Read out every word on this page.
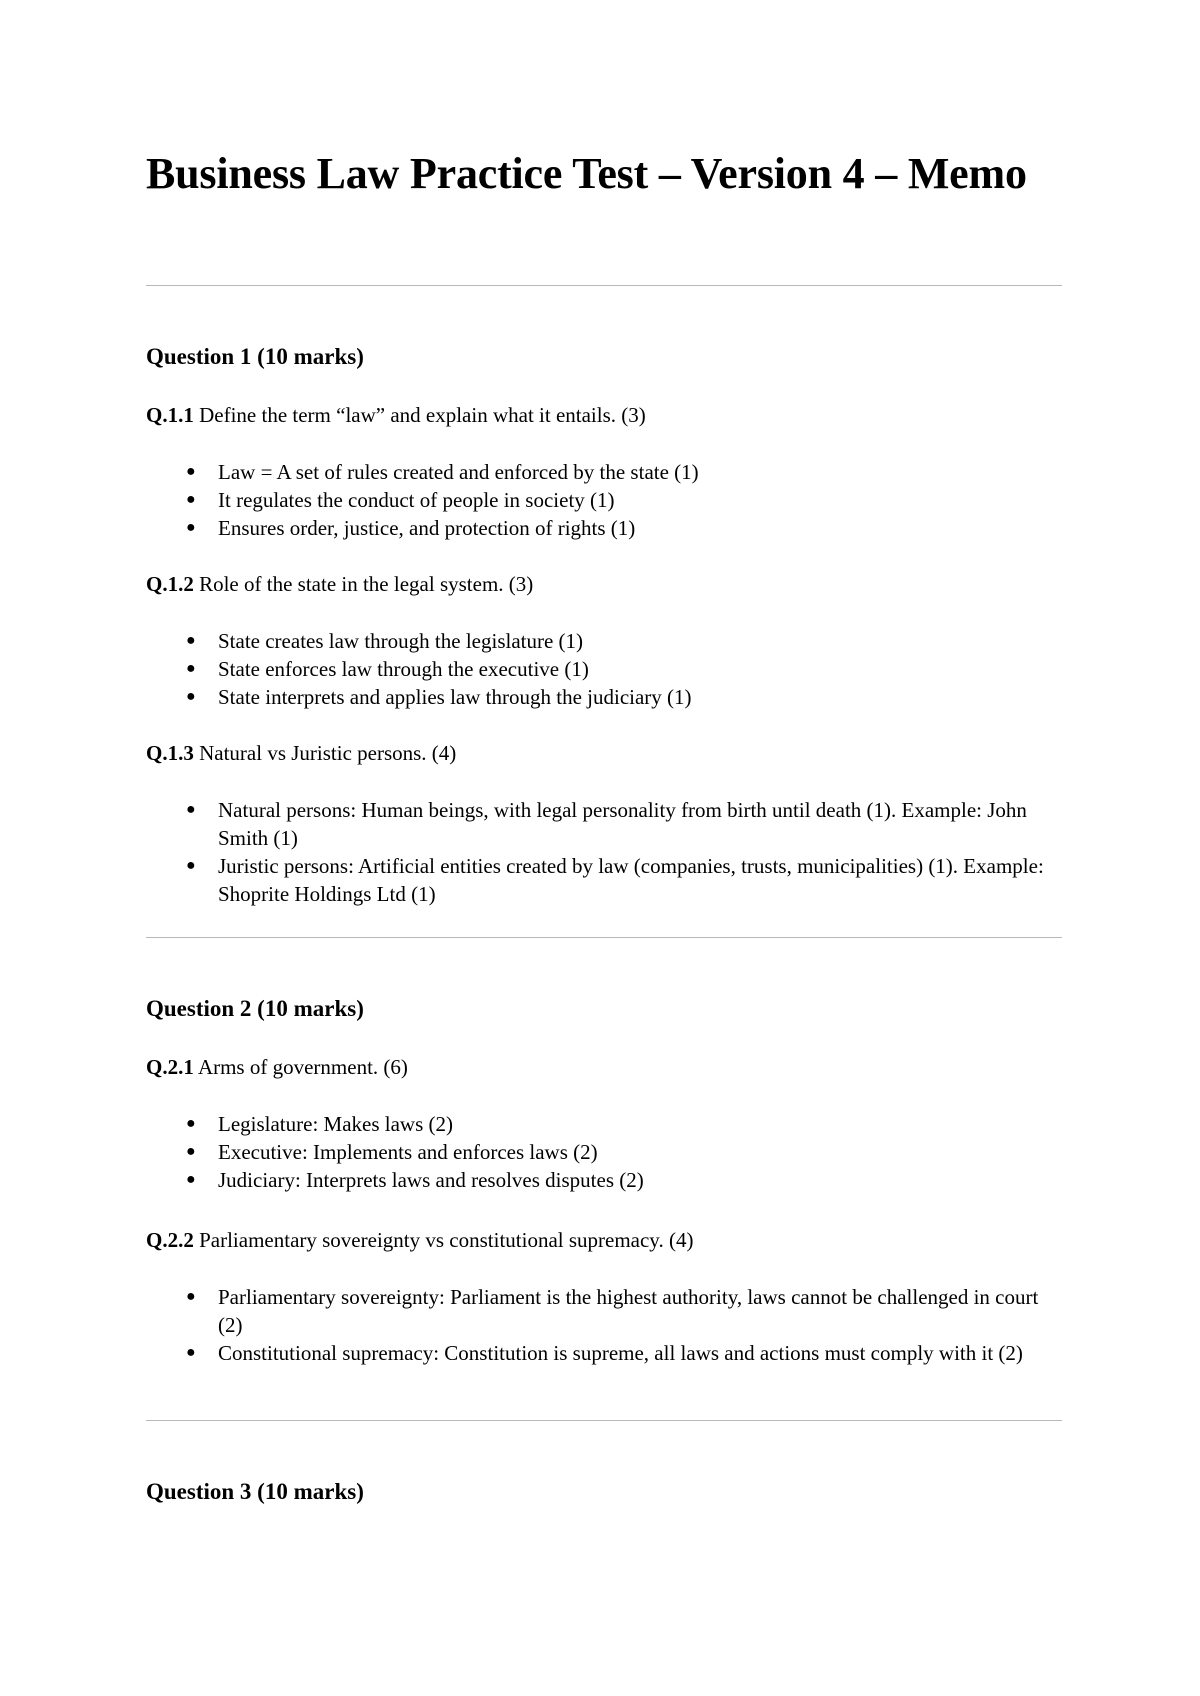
Business Law Practice Test – Version 4 – Memo
Question 1 (10 marks)

Q.1.1 Define the term “law” and explain what it entails. (3)

● Law = A set of rules created and enforced by the state (1)
● It regulates the conduct of people in society (1)
● Ensures order, justice, and protection of rights (1)

Q.1.2 Role of the state in the legal system. (3)

● State creates law through the legislature (1)
● State enforces law through the executive (1)
● State interprets and applies law through the judiciary (1)

Q.1.3 Natural vs Juristic persons. (4)

● Natural persons: Human beings, with legal personality from birth until death (1). Example: John Smith (1)
● Juristic persons: Artificial entities created by law (companies, trusts, municipalities) (1). Example: Shoprite Holdings Ltd (1)
Question 2 (10 marks)

Q.2.1 Arms of government. (6)

● Legislature: Makes laws (2)
● Executive: Implements and enforces laws (2)
● Judiciary: Interprets laws and resolves disputes (2)

Q.2.2 Parliamentary sovereignty vs constitutional supremacy. (4)

● Parliamentary sovereignty: Parliament is the highest authority, laws cannot be challenged in court (2)
● Constitutional supremacy: Constitution is supreme, all laws and actions must comply with it (2)
Question 3 (10 marks)
